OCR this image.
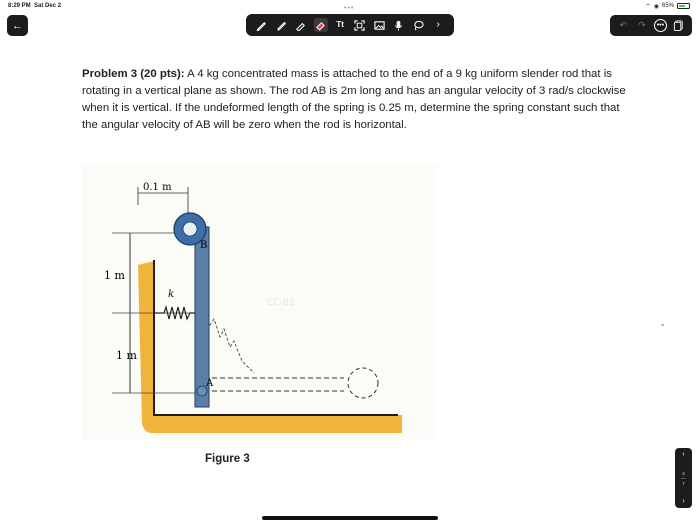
8:29 PM Sat Dec 2	⌔ ◉ 65%
•••
←	Tt	›	↶	↷	•••
Problem 3 (20 pts): A 4 kg concentrated mass is attached to the end of a 9 kg uniform slender rod that is rotating in a vertical plane as shown. The rod AB is 2m long and has an angular velocity of 3 rad/s clockwise when it is vertical. If the undeformed length of the spring is 0.25 m, determine the spring constant such that the angular velocity of AB will be zero when the rod is horizontal.
1 m
1 m
0.1 m
k
B
A
CC-B2
Figure 3	‹
4
—
7
›
